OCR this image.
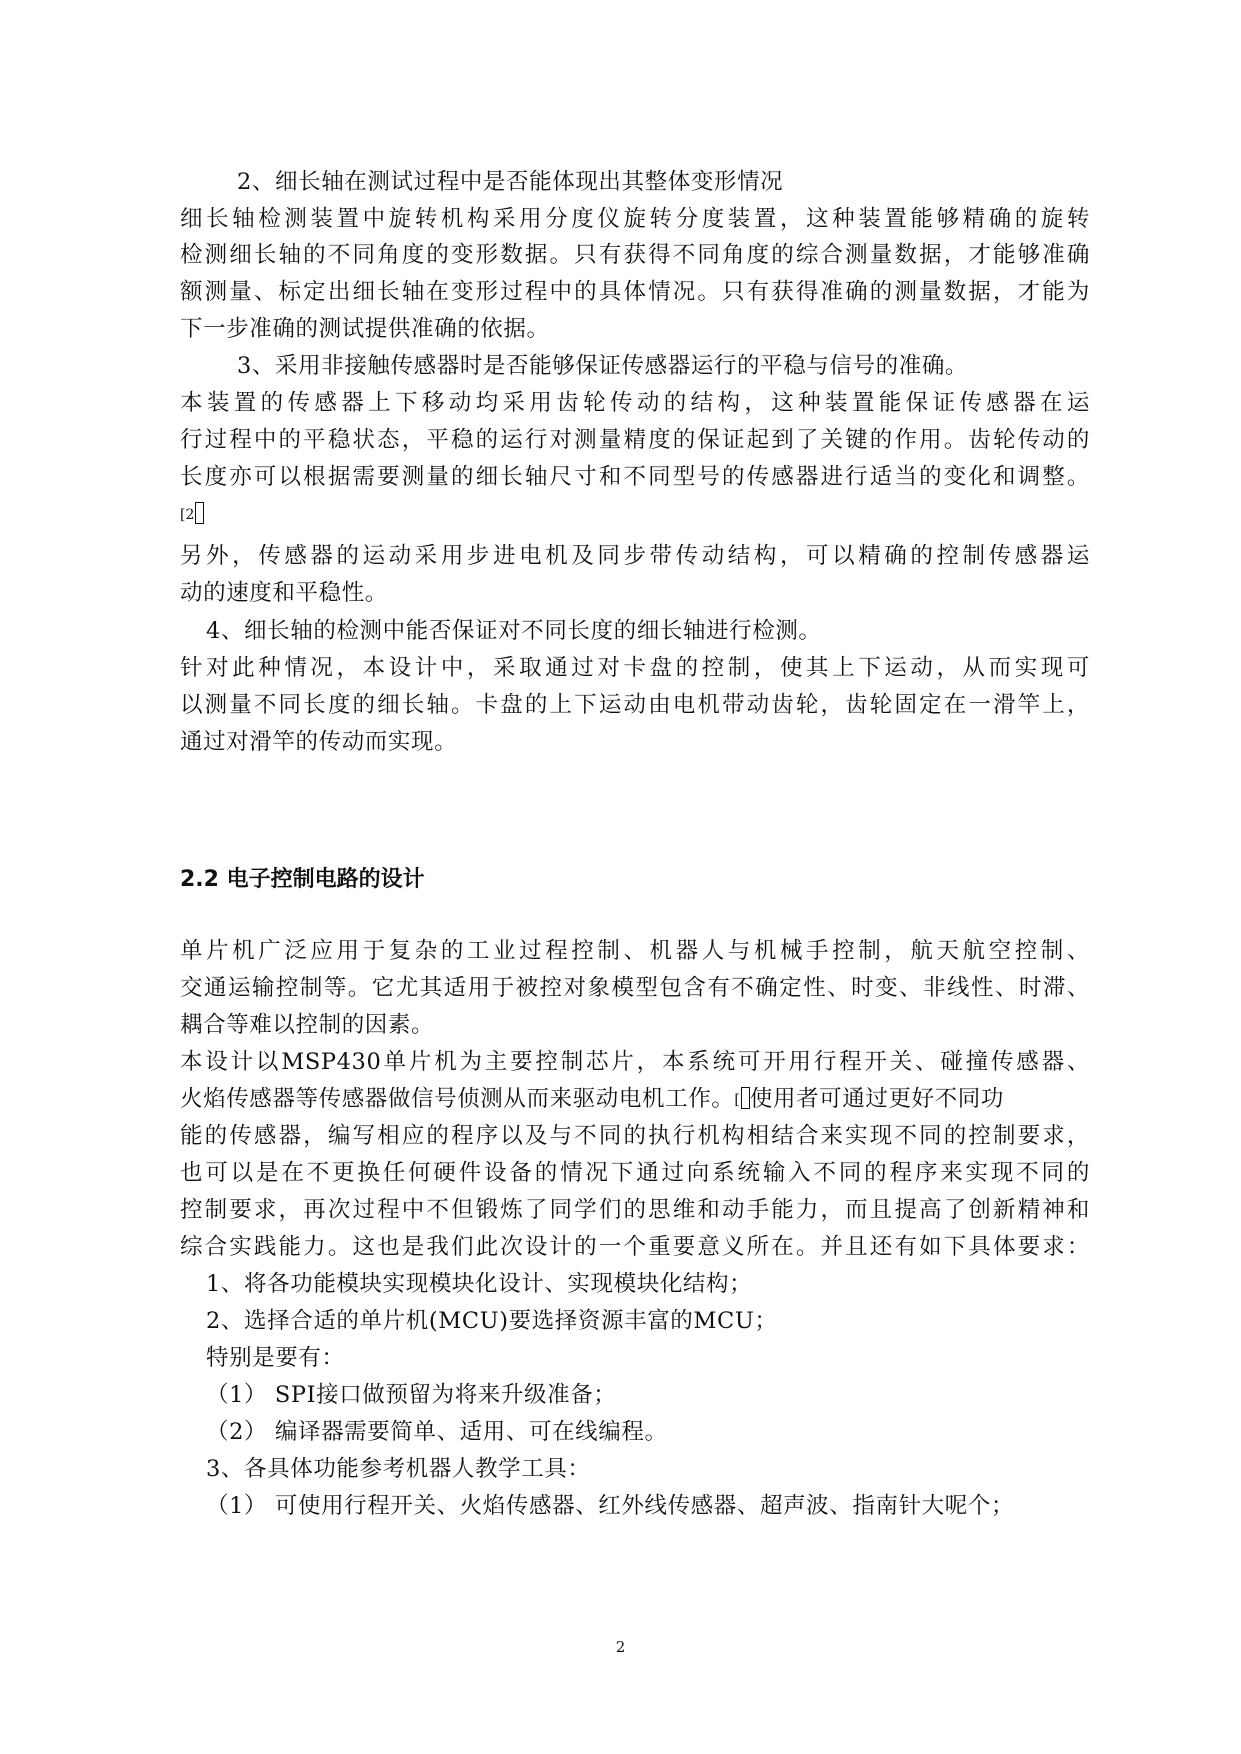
2、细长轴在测试过程中是否能体现出其整体变形情况
细长轴检测装置中旋转机构采用分度仪旋转分度装置，这种装置能够精确的旋转
检测细长轴的不同角度的变形数据。只有获得不同角度的综合测量数据，才能够准确
额测量、标定出细长轴在变形过程中的具体情况。只有获得准确的测量数据，才能为
下一步准确的测试提供准确的依据。
3、采用非接触传感器时是否能够保证传感器运行的平稳与信号的准确。
本装置的传感器上下移动均采用齿轮传动的结构，这种装置能保证传感器在运
行过程中的平稳状态，平稳的运行对测量精度的保证起到了关键的作用。齿轮传动的
长度亦可以根据需要测量的细长轴尺寸和不同型号的传感器进行适当的变化和调整。
[2
另外，传感器的运动采用步进电机及同步带传动结构，可以精确的控制传感器运
动的速度和平稳性。
4、细长轴的检测中能否保证对不同长度的细长轴进行检测。
针对此种情况，本设计中，采取通过对卡盘的控制，使其上下运动，从而实现可
以测量不同长度的细长轴。卡盘的上下运动由电机带动齿轮，齿轮固定在一滑竿上，
通过对滑竿的传动而实现。
2.2 电子控制电路的设计
单片机广泛应用于复杂的工业过程控制、机器人与机械手控制，航天航空控制、
交通运输控制等。它尤其适用于被控对象模型包含有不确定性、时变、非线性、时滞、
耦合等难以控制的因素。
本设计以MSP430单片机为主要控制芯片，本系统可开用行程开关、碰撞传感器、
火焰传感器等传感器做信号侦测从而来驱动电机工作。[ 使用者可通过更好不同功
能的传感器，编写相应的程序以及与不同的执行机构相结合来实现不同的控制要求，
也可以是在不更换任何硬件设备的情况下通过向系统输入不同的程序来实现不同的
控制要求，再次过程中不但锻炼了同学们的思维和动手能力，而且提高了创新精神和
综合实践能力。这也是我们此次设计的一个重要意义所在。并且还有如下具体要求：
1、将各功能模块实现模块化设计、实现模块化结构；
2、选择合适的单片机(MCU)要选择资源丰富的MCU；
特别是要有：
（1） SPI接口做预留为将来升级准备；
（2） 编译器需要简单、适用、可在线编程。
3、各具体功能参考机器人教学工具：
（1） 可使用行程开关、火焰传感器、红外线传感器、超声波、指南针大呢个；
2
